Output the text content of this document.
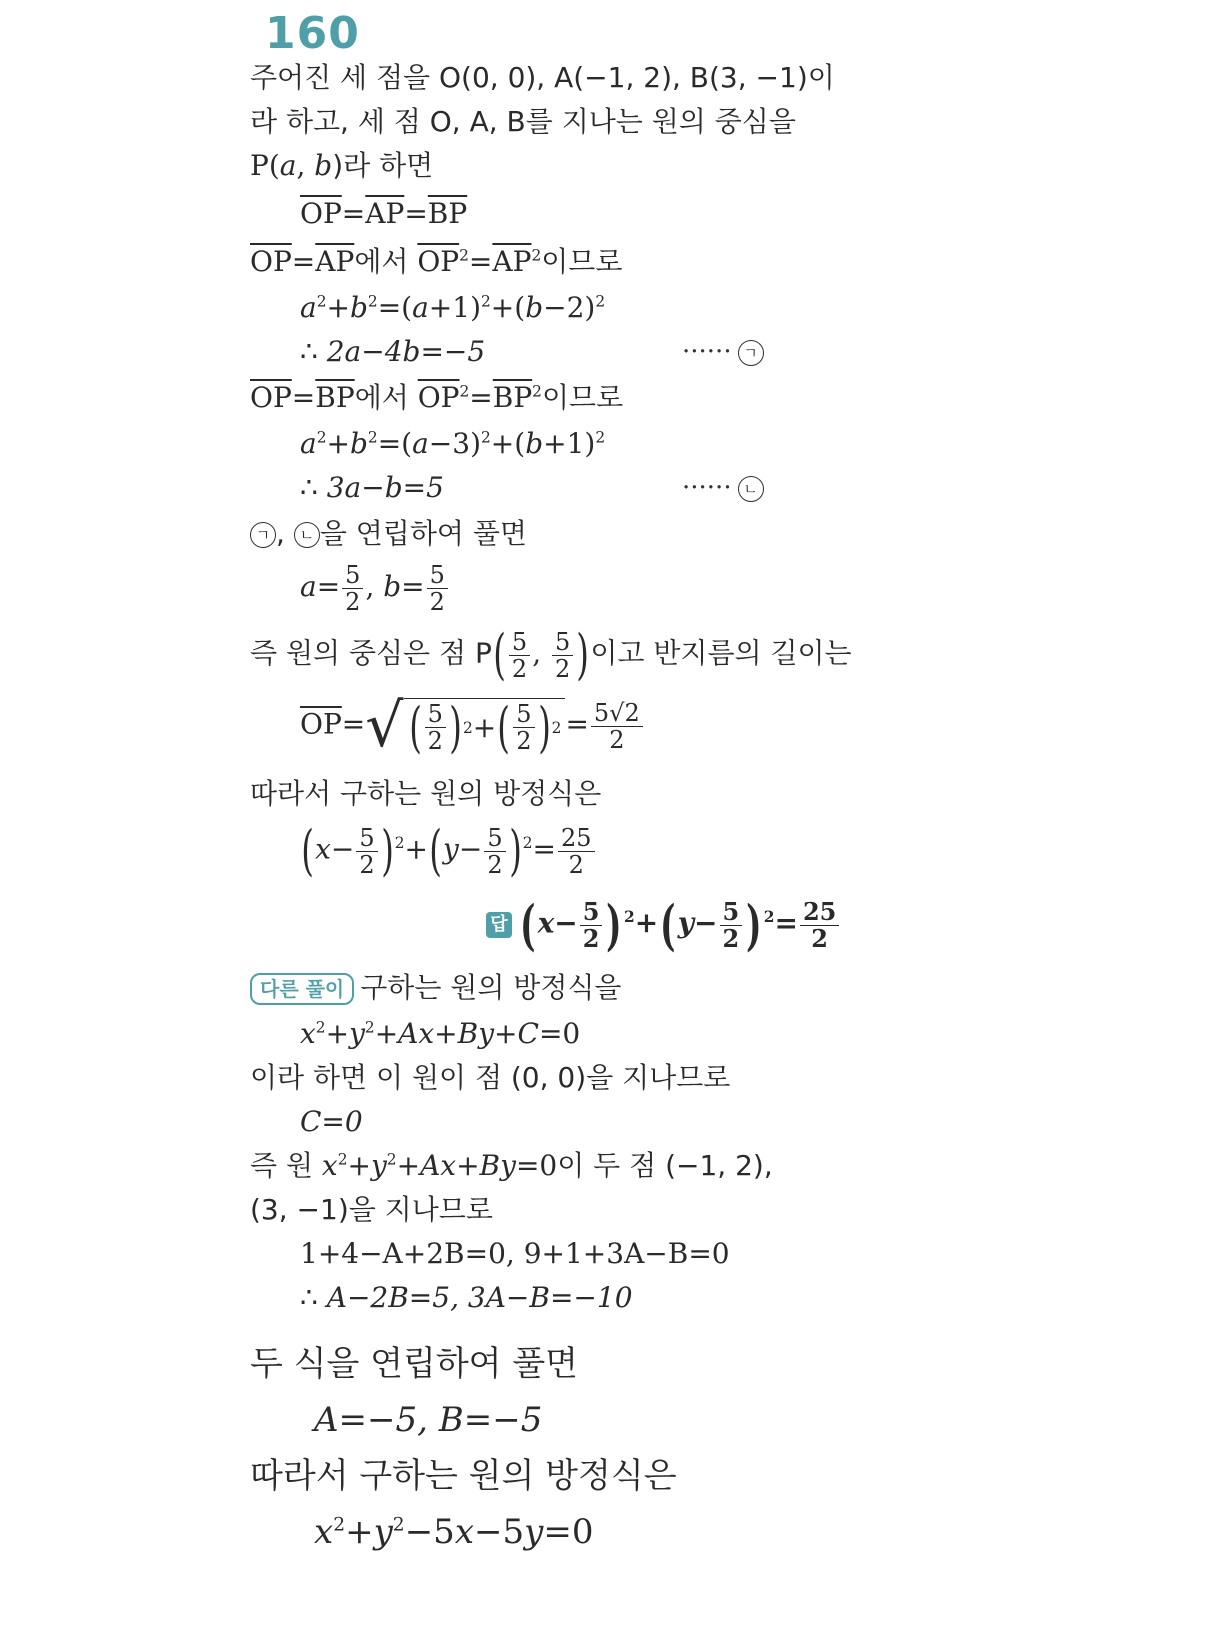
160
주어진 세 점을 O(0, 0), A(−1, 2), B(3, −1)이
라 하고, 세 점 O, A, B를 지나는 원의 중심을
P(a, b)라 하면
$\overline{OP}=\overline{AP}=\overline{BP}$
$\overline{OP}=\overline{AP}$에서 $\overline{OP}^2=\overline{AP}^2$이므로
$a^2+b^2=(a+1)^2+(b-2)^2$
∴ 2a−4b=−5	······ ㄱ
$\overline{OP}=\overline{BP}$에서 $\overline{OP}^2=\overline{BP}^2$이므로
$a^2+b^2=(a-3)^2+(b+1)^2$
∴ 3a−b=5	······ ㄴ
ㄱ , ㄴ 을 연립하여 풀면
$a= \frac{5}{2}$ , $b= \frac{5}{2}$
즉 원의 중심은 점 $P( \frac{5}{2}$ , $\frac{5}{2}$ )이고 반지름의 길이는
$\overline{OP}=$ √ ( $\frac{5}{2}$ ) 2 + ( $\frac{5}{2}$ ) $2 = \frac{5√2}{2}$
따라서 구하는 원의 방정식은
$(x- \frac{5}{2} )^2+(y- \frac{5}{2} )^2= \frac{25}{2}$
답 ($x- \frac{5}{2}$ ) $^2+(y- \frac{5}{2}$ ) $^2= \frac{25}{2}$
다른 풀이 구하는 원의 방정식을
$x^2+y^2+Ax+By+C=0$
이라 하면 이 원이 점 (0, 0)을 지나므로
C=0
즉 원 $x^2+y^2+Ax+By=0$이 두 점 (−1, 2),
(3, −1)을 지나므로
1+4−A+2B=0, 9+1+3A−B=0
∴ A−2B=5, 3A−B=−10
두 식을 연립하여 풀면
A=−5, B=−5
따라서 구하는 원의 방정식은
$x^2+y^2-5x-5y=0$
